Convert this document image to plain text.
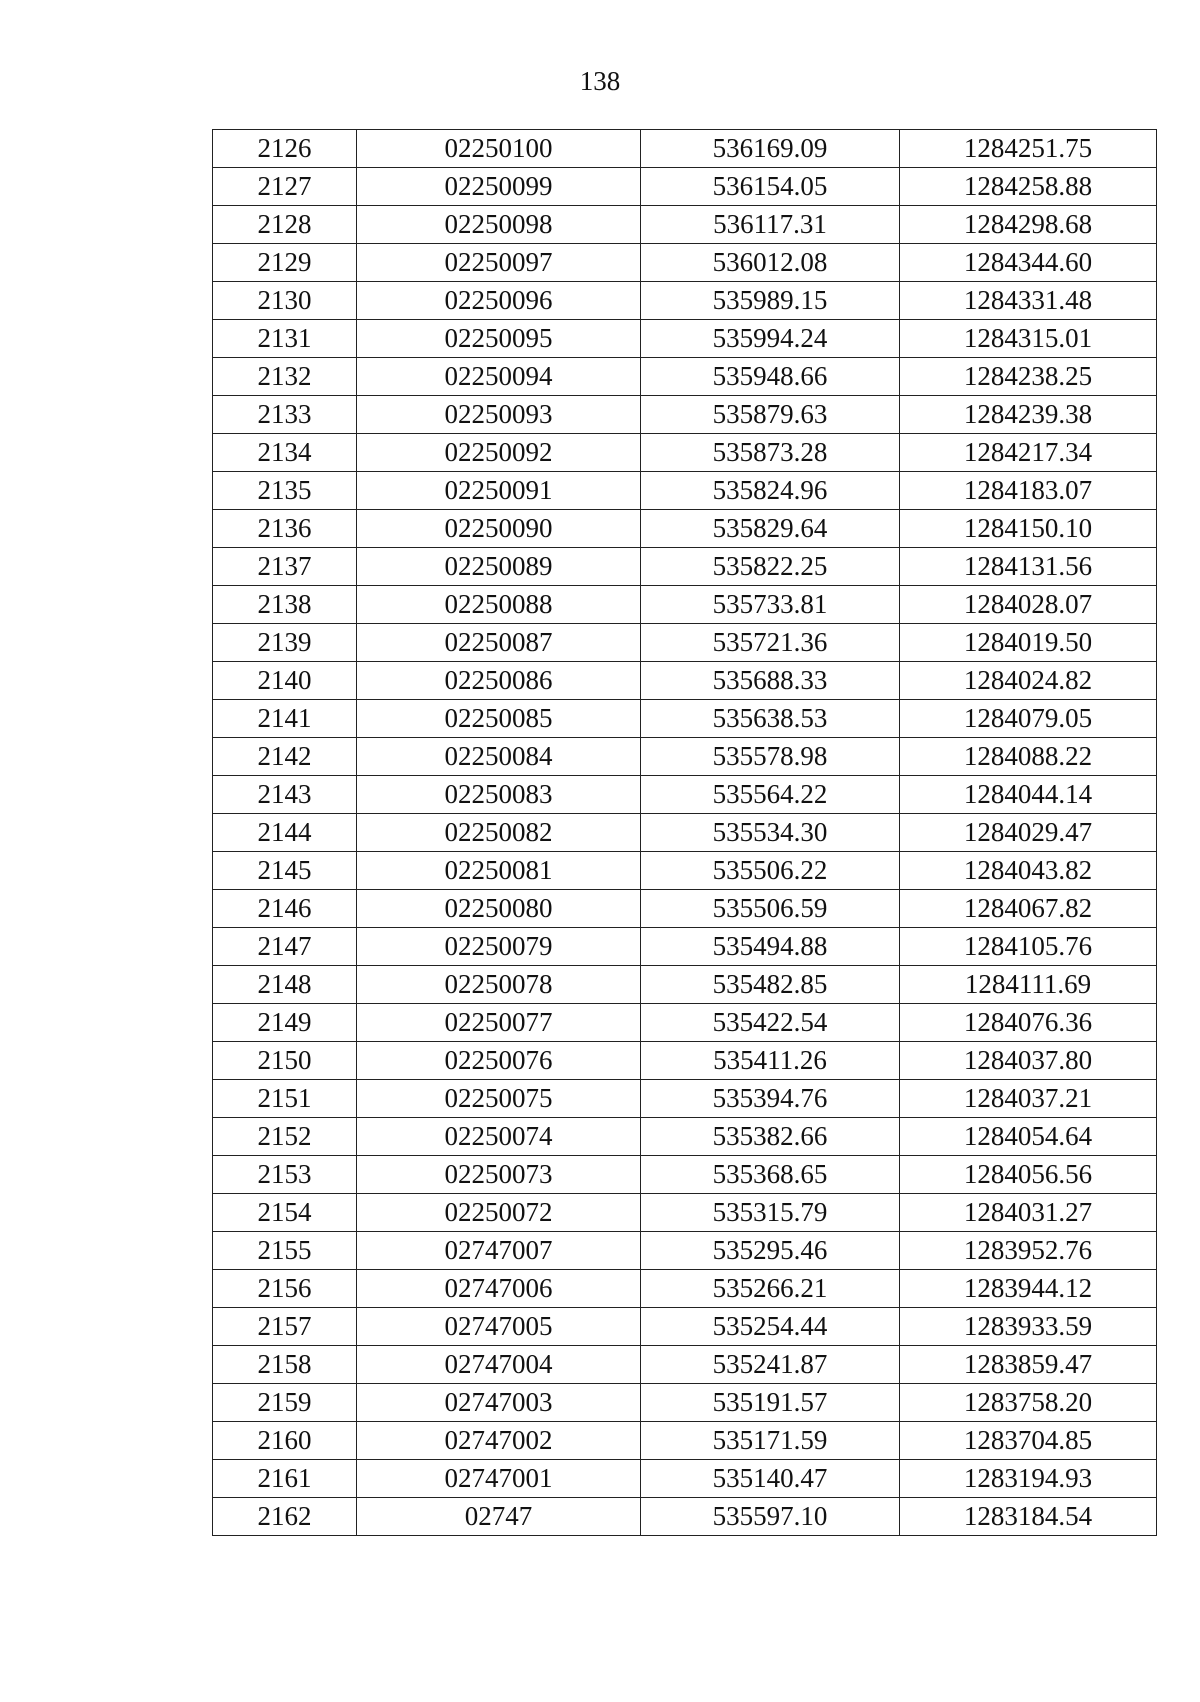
138
2126	02250100	536169.09	1284251.75
2127	02250099	536154.05	1284258.88
2128	02250098	536117.31	1284298.68
2129	02250097	536012.08	1284344.60
2130	02250096	535989.15	1284331.48
2131	02250095	535994.24	1284315.01
2132	02250094	535948.66	1284238.25
2133	02250093	535879.63	1284239.38
2134	02250092	535873.28	1284217.34
2135	02250091	535824.96	1284183.07
2136	02250090	535829.64	1284150.10
2137	02250089	535822.25	1284131.56
2138	02250088	535733.81	1284028.07
2139	02250087	535721.36	1284019.50
2140	02250086	535688.33	1284024.82
2141	02250085	535638.53	1284079.05
2142	02250084	535578.98	1284088.22
2143	02250083	535564.22	1284044.14
2144	02250082	535534.30	1284029.47
2145	02250081	535506.22	1284043.82
2146	02250080	535506.59	1284067.82
2147	02250079	535494.88	1284105.76
2148	02250078	535482.85	1284111.69
2149	02250077	535422.54	1284076.36
2150	02250076	535411.26	1284037.80
2151	02250075	535394.76	1284037.21
2152	02250074	535382.66	1284054.64
2153	02250073	535368.65	1284056.56
2154	02250072	535315.79	1284031.27
2155	02747007	535295.46	1283952.76
2156	02747006	535266.21	1283944.12
2157	02747005	535254.44	1283933.59
2158	02747004	535241.87	1283859.47
2159	02747003	535191.57	1283758.20
2160	02747002	535171.59	1283704.85
2161	02747001	535140.47	1283194.93
2162	02747	535597.10	1283184.54
